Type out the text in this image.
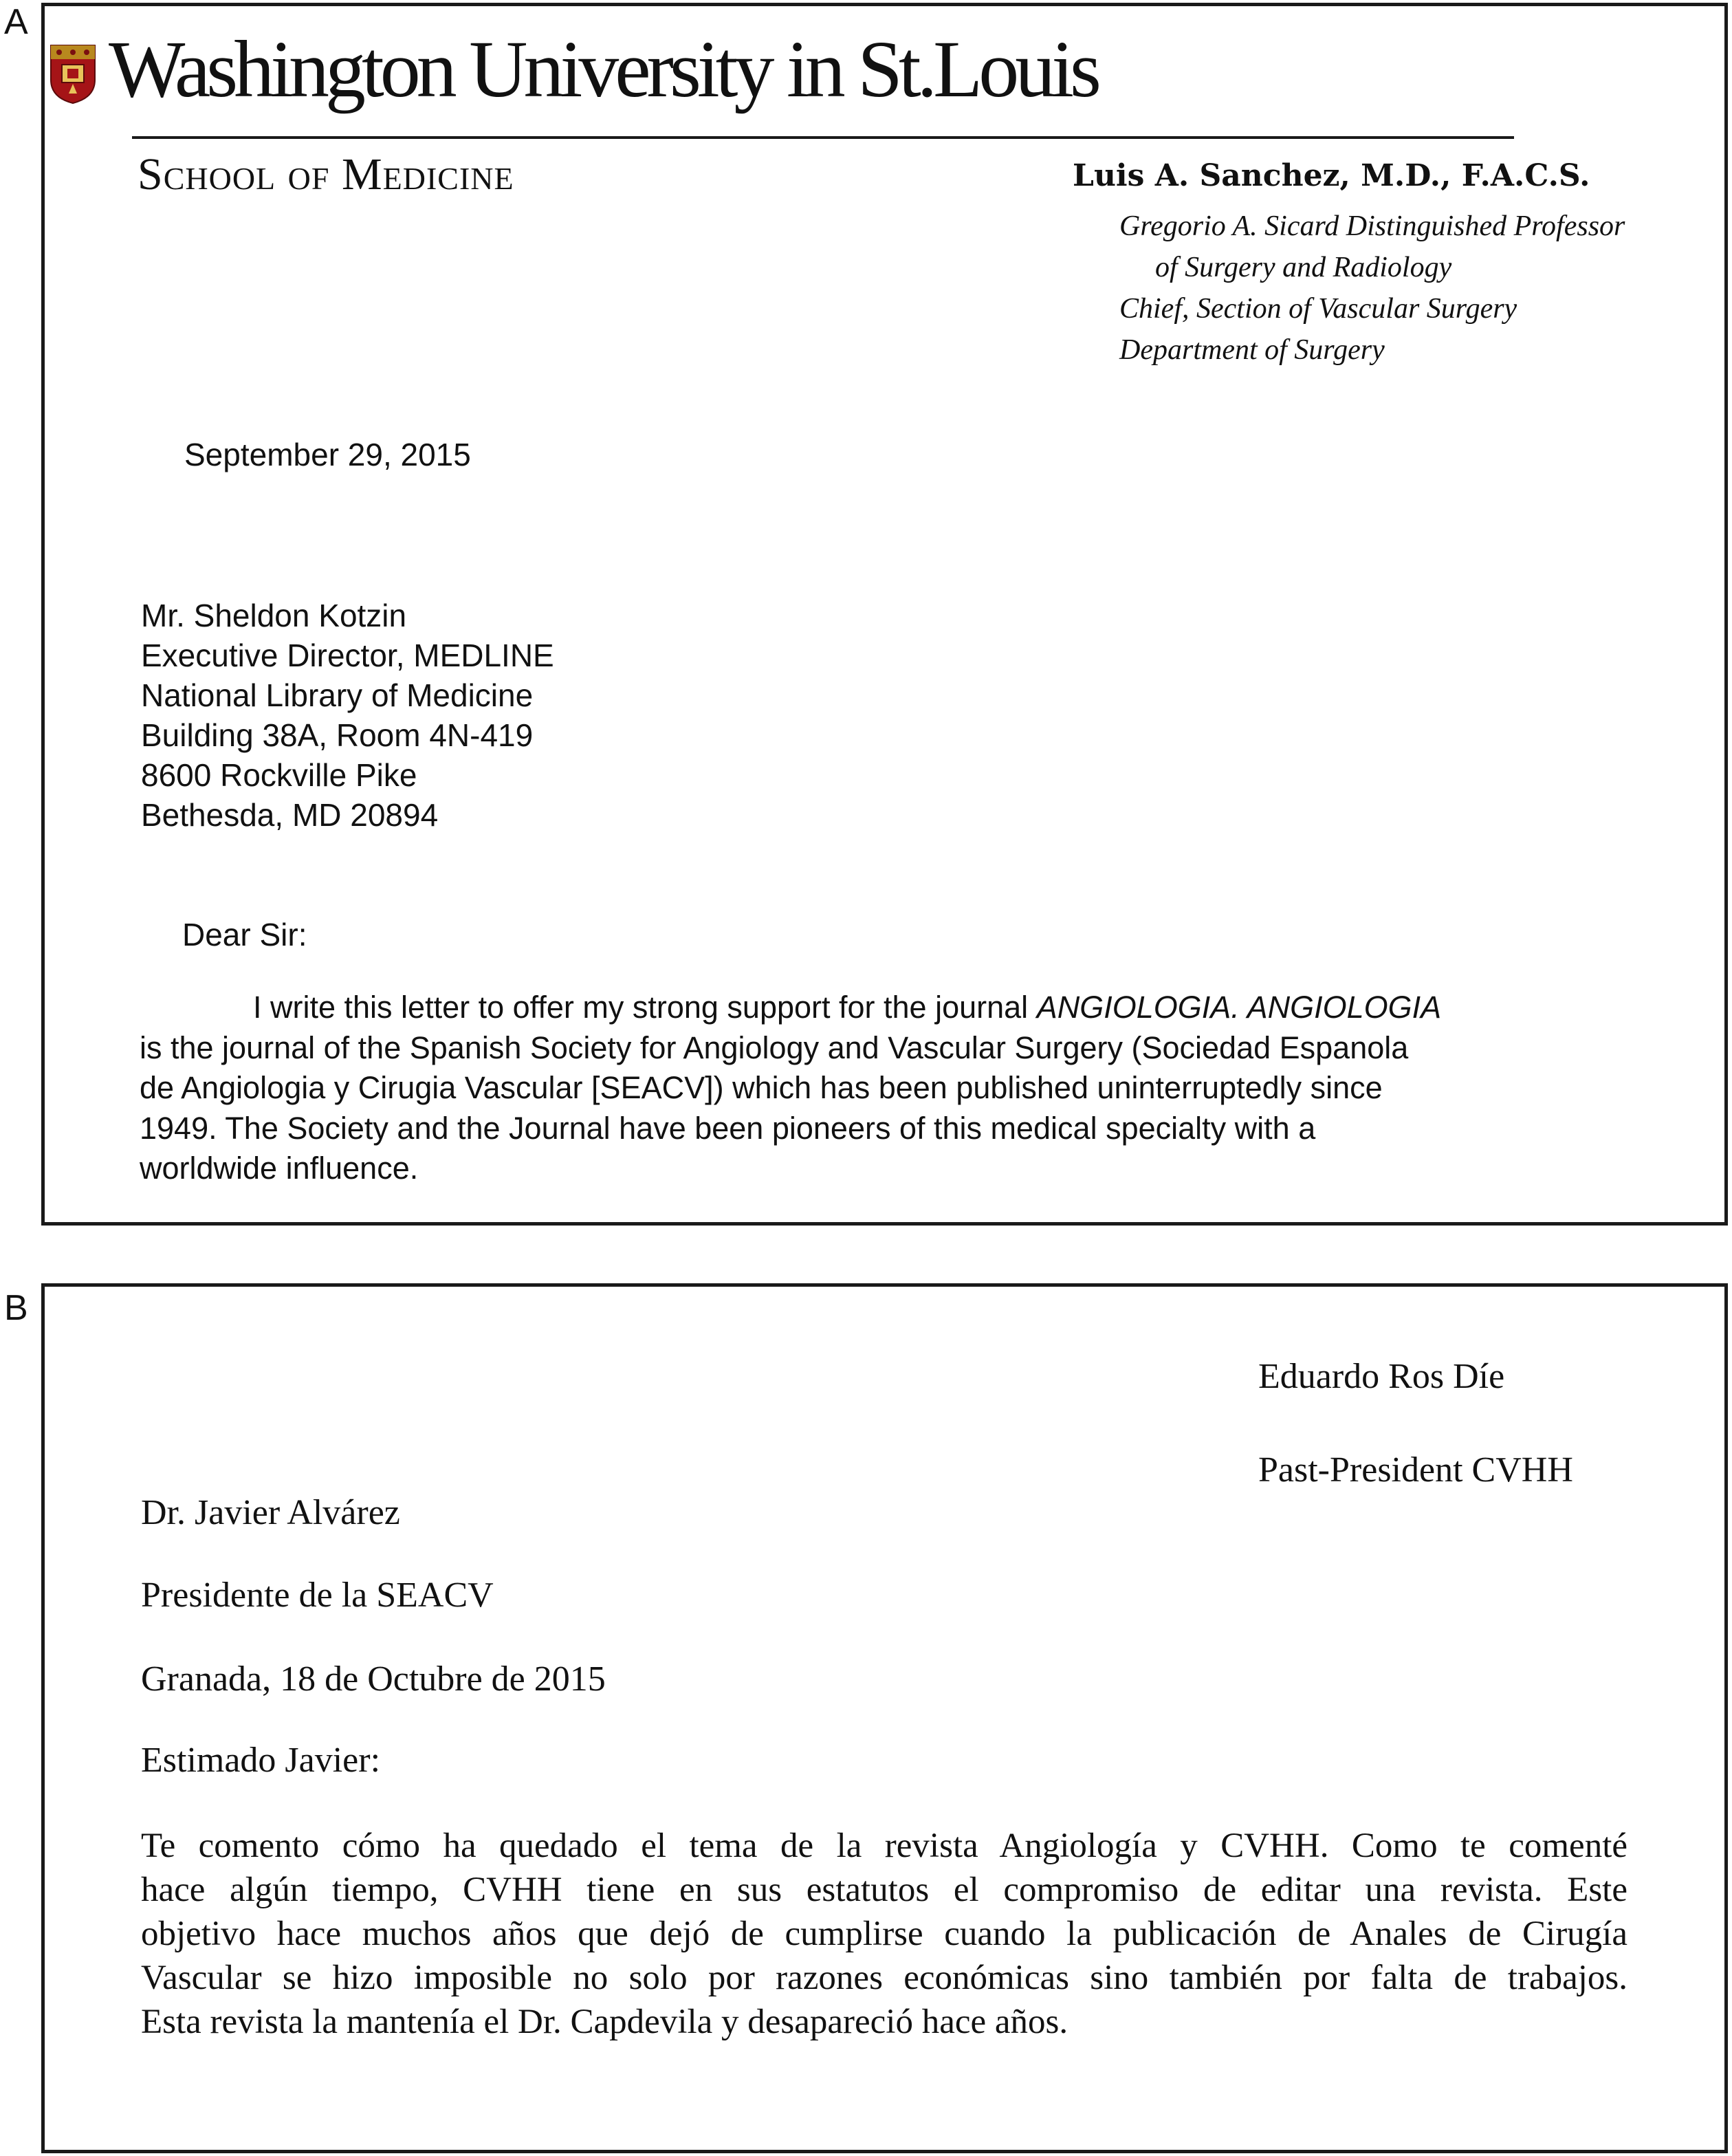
A
B
Washington University in St.Louis
School of Medicine	Luis A. Sanchez, M.D., F.A.C.S.
Gregorio A. Sicard Distinguished Professor
of Surgery and Radiology
Chief, Section of Vascular Surgery
Department of Surgery
September 29, 2015
Mr. Sheldon Kotzin
Executive Director, MEDLINE
National Library of Medicine
Building 38A, Room 4N-419
8600 Rockville Pike
Bethesda, MD 20894
Dear Sir:
I write this letter to offer my strong support for the journal ANGIOLOGIA. ANGIOLOGIA
is the journal of the Spanish Society for Angiology and Vascular Surgery (Sociedad Espanola
de Angiologia y Cirugia Vascular [SEACV]) which has been published uninterruptedly since
1949. The Society and the Journal have been pioneers of this medical specialty with a
worldwide influence.
Eduardo Ros Díe
Past-President CVHH
Dr. Javier Alvárez
Presidente de la SEACV
Granada, 18 de Octubre de 2015
Estimado Javier:
Te comento cómo ha quedado el tema de la revista Angiología y CVHH. Como te comenté
hace algún tiempo, CVHH tiene en sus estatutos el compromiso de editar una revista. Este
objetivo hace muchos años que dejó de cumplirse cuando la publicación de Anales de Cirugía
Vascular se hizo imposible no solo por razones económicas sino también por falta de trabajos.
Esta revista la mantenía el Dr. Capdevila y desapareció hace años.
